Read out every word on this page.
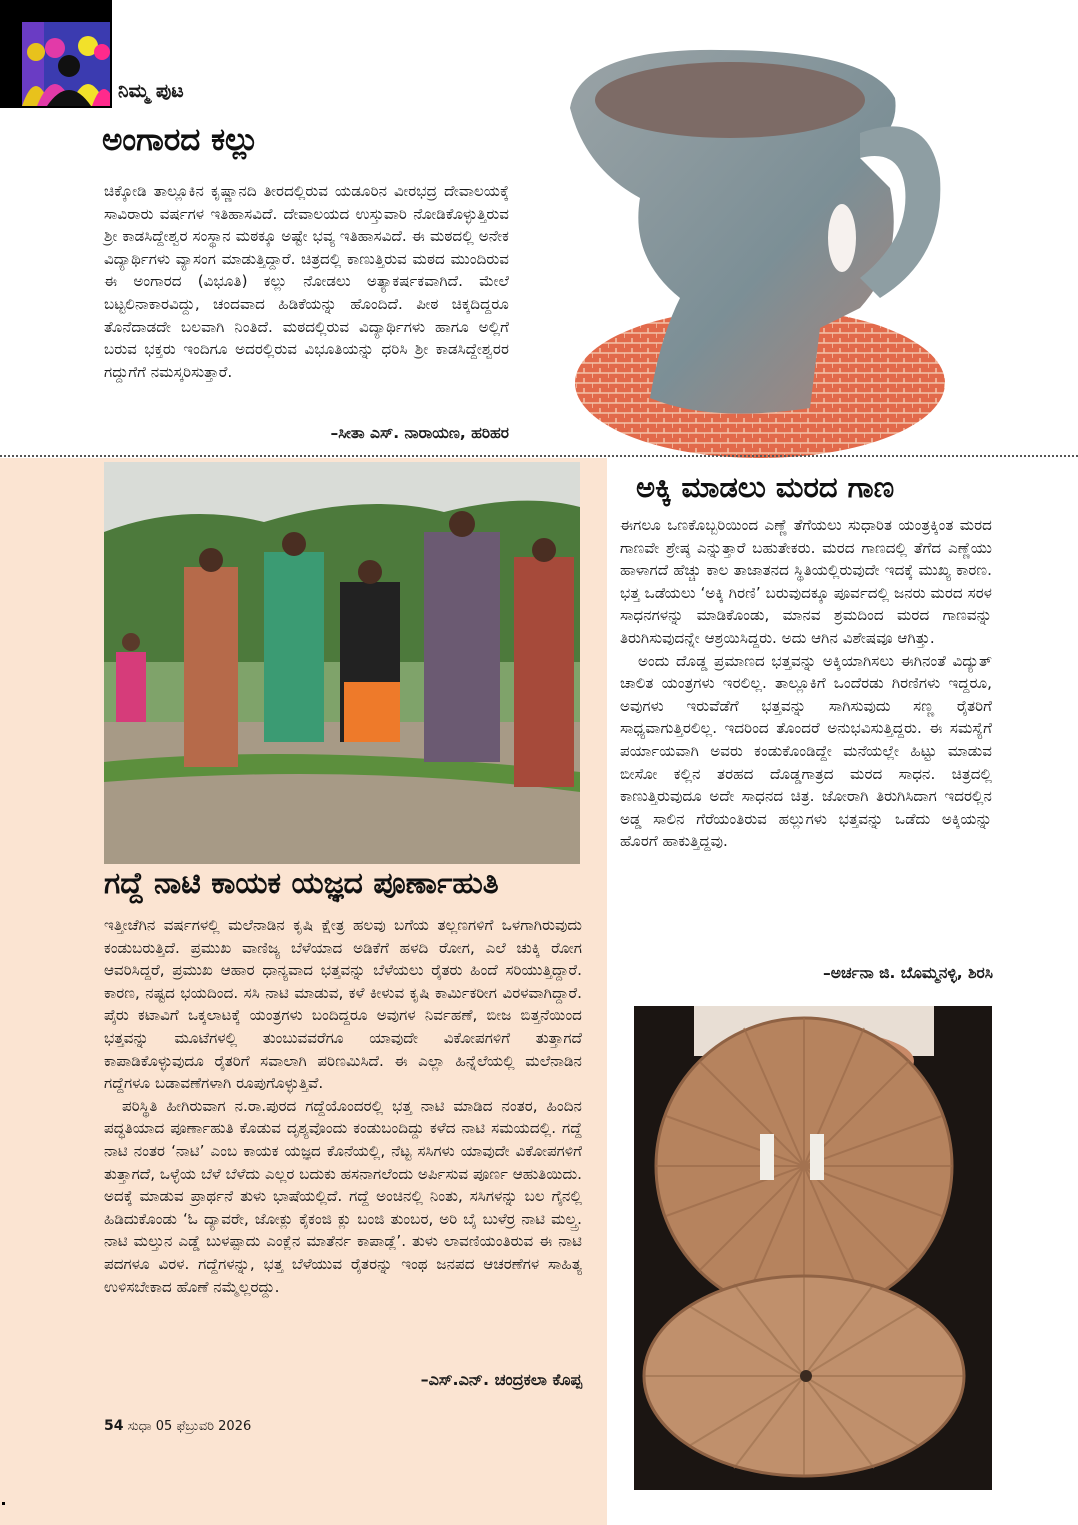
ನಿಮ್ಮ ಪುಟ
ಅಂಗಾರದ ಕಲ್ಲು
ಚಿಕ್ಕೋಡಿ ತಾಲ್ಲೂಕಿನ ಕೃಷ್ಣಾನದಿ ತೀರದಲ್ಲಿರುವ ಯಡೂರಿನ ವೀರಭದ್ರ ದೇವಾಲಯಕ್ಕೆ ಸಾವಿರಾರು ವರ್ಷಗಳ ಇತಿಹಾಸವಿದೆ. ದೇವಾಲಯದ ಉಸ್ತುವಾರಿ ನೋಡಿಕೊಳ್ಳುತ್ತಿರುವ ಶ್ರೀ ಕಾಡಸಿದ್ದೇಶ್ವರ ಸಂಸ್ಥಾನ ಮಠಕ್ಕೂ ಅಷ್ಟೇ ಭವ್ಯ ಇತಿಹಾಸವಿದೆ. ಈ ಮಠದಲ್ಲಿ ಅನೇಕ ವಿದ್ಯಾರ್ಥಿಗಳು ವ್ಯಾಸಂಗ ಮಾಡುತ್ತಿದ್ದಾರೆ. ಚಿತ್ರದಲ್ಲಿ ಕಾಣುತ್ತಿರುವ ಮಠದ ಮುಂದಿರುವ ಈ ಅಂಗಾರದ (ವಿಭೂತಿ) ಕಲ್ಲು ನೋಡಲು ಅತ್ಯಾಕರ್ಷಕವಾಗಿದೆ. ಮೇಲೆ ಬಟ್ಟಲಿನಾಕಾರವಿದ್ದು, ಚಂದವಾದ ಹಿಡಿಕೆಯನ್ನು ಹೊಂದಿದೆ. ಪೀಠ ಚಿಕ್ಕದಿದ್ದರೂ ತೊನೆದಾಡದೇ ಬಲವಾಗಿ ನಿಂತಿದೆ. ಮಠದಲ್ಲಿರುವ ವಿದ್ಯಾರ್ಥಿಗಳು ಹಾಗೂ ಅಲ್ಲಿಗೆ ಬರುವ ಭಕ್ತರು ಇಂದಿಗೂ ಅದರಲ್ಲಿರುವ ವಿಭೂತಿಯನ್ನು ಧರಿಸಿ ಶ್ರೀ ಕಾಡಸಿದ್ದೇಶ್ವರರ ಗದ್ದುಗೆಗೆ ನಮಸ್ಕರಿಸುತ್ತಾರೆ.
–ಸೀತಾ ಎಸ್. ನಾರಾಯಣ, ಹರಿಹರ
ಗದ್ದೆ ನಾಟಿ ಕಾಯಕ ಯಜ್ಞದ ಪೂರ್ಣಾಹುತಿ
ಇತ್ತೀಚೆಗಿನ ವರ್ಷಗಳಲ್ಲಿ ಮಲೆನಾಡಿನ ಕೃಷಿ ಕ್ಷೇತ್ರ ಹಲವು ಬಗೆಯ ತಲ್ಲಣಗಳಿಗೆ ಒಳಗಾಗಿರುವುದು ಕಂಡುಬರುತ್ತಿದೆ. ಪ್ರಮುಖ ವಾಣಿಜ್ಯ ಬೆಳೆಯಾದ ಅಡಿಕೆಗೆ ಹಳದಿ ರೋಗ, ಎಲೆ ಚುಕ್ಕಿ ರೋಗ ಆವರಿಸಿದ್ದರೆ, ಪ್ರಮುಖ ಆಹಾರ ಧಾನ್ಯವಾದ ಭತ್ತವನ್ನು ಬೆಳೆಯಲು ರೈತರು ಹಿಂದೆ ಸರಿಯುತ್ತಿದ್ದಾರೆ. ಕಾರಣ, ನಷ್ಟದ ಭಯದಿಂದ. ಸಸಿ ನಾಟಿ ಮಾಡುವ, ಕಳೆ ಕೀಳುವ ಕೃಷಿ ಕಾರ್ಮಿಕರೀಗ ವಿರಳವಾಗಿದ್ದಾರೆ. ಪೈರು ಕಟಾವಿಗೆ ಒಕ್ಕಲಾಟಕ್ಕೆ ಯಂತ್ರಗಳು ಬಂದಿದ್ದರೂ ಅವುಗಳ ನಿರ್ವಹಣೆ, ಬೀಜ ಬಿತ್ತನೆಯಿಂದ ಭತ್ತವನ್ನು ಮೂಟೆಗಳಲ್ಲಿ ತುಂಬುವವರೆಗೂ ಯಾವುದೇ ವಿಕೋಪಗಳಿಗೆ ತುತ್ತಾಗದೆ ಕಾಪಾಡಿಕೊಳ್ಳುವುದೂ ರೈತರಿಗೆ ಸವಾಲಾಗಿ ಪರಿಣಮಿಸಿದೆ. ಈ ಎಲ್ಲಾ ಹಿನ್ನೆಲೆಯಲ್ಲಿ ಮಲೆನಾಡಿನ ಗದ್ದೆಗಳೂ ಬಡಾವಣೆಗಳಾಗಿ ರೂಪುಗೊಳ್ಳುತ್ತಿವೆ.
ಪರಿಸ್ಥಿತಿ ಹೀಗಿರುವಾಗ ನ.ರಾ.ಪುರದ ಗದ್ದೆಯೊಂದರಲ್ಲಿ ಭತ್ತ ನಾಟಿ ಮಾಡಿದ ನಂತರ, ಹಿಂದಿನ ಪದ್ಧತಿಯಾದ ಪೂರ್ಣಾಹುತಿ ಕೊಡುವ ದೃಶ್ಯವೊಂದು ಕಂಡುಬಂದಿದ್ದು ಕಳೆದ ನಾಟಿ ಸಮಯದಲ್ಲಿ. ಗದ್ದೆ ನಾಟಿ ನಂತರ ‘ನಾಟಿ’ ಎಂಬ ಕಾಯಕ ಯಜ್ಞದ ಕೊನೆಯಲ್ಲಿ, ನೆಟ್ಟ ಸಸಿಗಳು ಯಾವುದೇ ವಿಕೋಪಗಳಿಗೆ ತುತ್ತಾಗದೆ, ಒಳ್ಳೆಯ ಬೆಳೆ ಬೆಳೆದು ಎಲ್ಲರ ಬದುಕು ಹಸನಾಗಲೆಂದು ಅರ್ಪಿಸುವ ಪೂರ್ಣ ಆಹುತಿಯಿದು. ಅದಕ್ಕೆ ಮಾಡುವ ಪ್ರಾರ್ಥನೆ ತುಳು ಭಾಷೆಯಲ್ಲಿದೆ. ಗದ್ದೆ ಅಂಚಿನಲ್ಲಿ ನಿಂತು, ಸಸಿಗಳನ್ನು ಬಲ ಗೈನಲ್ಲಿ ಹಿಡಿದುಕೊಂಡು ‘ಓ ದ್ಯಾವರೇ, ಜೋಕ್ಲು ಕೈಕಂಜಿ ಕ್ಲು ಬಂಜಿ ತುಂಬರ, ಅರಿ ಬೈ ಬುಳೆರ್ರ ನಾಟಿ ಮಲ್ತ್ರ. ನಾಟಿ ಮಲ್ತುನ ಎಡ್ಡೆ ಬುಳಪ್ಪಾದು ಎಂಕ್ಲೆನ ಮಾತೆರ್ನ ಕಾಪಾಡ್ಲೆ’. ತುಳು ಲಾವಣಿಯಂತಿರುವ ಈ ನಾಟಿ ಪದಗಳೂ ವಿರಳ. ಗದ್ದೆಗಳನ್ನು, ಭತ್ತ ಬೆಳೆಯುವ ರೈತರನ್ನು ಇಂಥ ಜನಪದ ಆಚರಣೆಗಳ ಸಾಹಿತ್ಯ ಉಳಿಸಬೇಕಾದ ಹೊಣೆ ನಮ್ಮೆಲ್ಲರದ್ದು.
–ಎಸ್.ಎನ್. ಚಂದ್ರಕಲಾ ಕೊಪ್ಪ
ಅಕ್ಕಿ ಮಾಡಲು ಮರದ ಗಾಣ
ಈಗಲೂ ಒಣಕೊಬ್ಬರಿಯಿಂದ ಎಣ್ಣೆ ತೆಗೆಯಲು ಸುಧಾರಿತ ಯಂತ್ರಕ್ಕಿಂತ ಮರದ ಗಾಣವೇ ಶ್ರೇಷ್ಠ ಎನ್ನುತ್ತಾರೆ ಬಹುತೇಕರು. ಮರದ ಗಾಣದಲ್ಲಿ ತೆಗೆದ ಎಣ್ಣೆಯು ಹಾಳಾಗದೆ ಹೆಚ್ಚು ಕಾಲ ತಾಜಾತನದ ಸ್ಥಿತಿಯಲ್ಲಿರುವುದೇ ಇದಕ್ಕೆ ಮುಖ್ಯ ಕಾರಣ. ಭತ್ತ ಒಡೆಯಲು ‘ಅಕ್ಕಿ ಗಿರಣಿ’ ಬರುವುದಕ್ಕೂ ಪೂರ್ವದಲ್ಲಿ ಜನರು ಮರದ ಸರಳ ಸಾಧನಗಳನ್ನು ಮಾಡಿಕೊಂಡು, ಮಾನವ ಶ್ರಮದಿಂದ ಮರದ ಗಾಣವನ್ನು ತಿರುಗಿಸುವುದನ್ನೇ ಆಶ್ರಯಿಸಿದ್ದರು. ಅದು ಆಗಿನ ವಿಶೇಷವೂ ಆಗಿತ್ತು.
ಅಂದು ದೊಡ್ಡ ಪ್ರಮಾಣದ ಭತ್ತವನ್ನು ಅಕ್ಕಿಯಾಗಿಸಲು ಈಗಿನಂತೆ ವಿದ್ಯುತ್ ಚಾಲಿತ ಯಂತ್ರಗಳು ಇರಲಿಲ್ಲ. ತಾಲ್ಲೂಕಿಗೆ ಒಂದೆರಡು ಗಿರಣಿಗಳು ಇದ್ದರೂ, ಅವುಗಳು ಇರುವೆಡೆಗೆ ಭತ್ತವನ್ನು ಸಾಗಿಸುವುದು ಸಣ್ಣ ರೈತರಿಗೆ ಸಾಧ್ಯವಾಗುತ್ತಿರಲಿಲ್ಲ. ಇದರಿಂದ ತೊಂದರೆ ಅನುಭವಿಸುತ್ತಿದ್ದರು. ಈ ಸಮಸ್ಯೆಗೆ ಪರ್ಯಾಯವಾಗಿ ಅವರು ಕಂಡುಕೊಂಡಿದ್ದೇ ಮನೆಯಲ್ಲೇ ಹಿಟ್ಟು ಮಾಡುವ ಬೀಸೋ ಕಲ್ಲಿನ ತರಹದ ದೊಡ್ಡಗಾತ್ರದ ಮರದ ಸಾಧನ. ಚಿತ್ರದಲ್ಲಿ ಕಾಣುತ್ತಿರುವುದೂ ಅದೇ ಸಾಧನದ ಚಿತ್ರ. ಜೋರಾಗಿ ತಿರುಗಿಸಿದಾಗ ಇದರಲ್ಲಿನ ಅಡ್ಡ ಸಾಲಿನ ಗೆರೆಯಂತಿರುವ ಹಲ್ಲುಗಳು ಭತ್ತವನ್ನು ಒಡೆದು ಅಕ್ಕಿಯನ್ನು ಹೊರಗೆ ಹಾಕುತ್ತಿದ್ದವು.
–ಅರ್ಚನಾ ಜಿ. ಬೊಮ್ಮನಳ್ಳಿ, ಶಿರಸಿ
54 ಸುಧಾ 05 ಫೆಬ್ರುವರಿ 2026
